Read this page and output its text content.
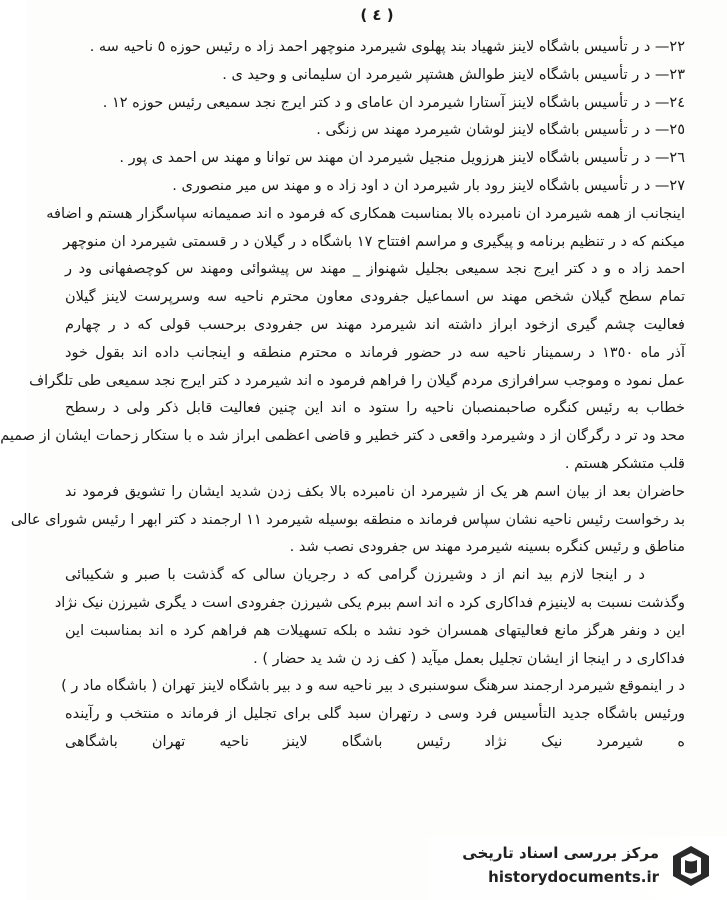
( ٤ )
٢٢— د ر تأسیس باشگاه لاینز شهیاد بند پهلوی شیرمرد منوچهر احمد زاد ه رئیس حوزه ٥ ناحیه سه .
٢٣— د ر تأسیس باشگاه لاینز طوالش هشتپر شیرمرد ان سلیمانی و وحید ی .
٢٤— د ر تأسیس باشگاه لاینز آستارا شیرمرد ان عامای و د کتر ایرج نجد سمیعی رئیس حوزه ١٢ .
٢٥— د ر تأسیس باشگاه لاینز لوشان شیرمرد مهند س زنگی .
٢٦— د ر تأسیس باشگاه لاینز هرزویل منجیل شیرمرد ان مهند س توانا و مهند س احمد ی پور .
٢٧— د ر تأسیس باشگاه لاینز رود بار شیرمرد ان د اود زاد ه و مهند س میر منصوری .
اینجانب از همه شیرمرد ان نامبرده بالا بمناسبت همکاری که فرمود ه اند صمیمانه سپاسگزار هستم و اضافه
میکنم که د ر تنظیم برنامه و پیگیری و مراسم افتتاح ١٧ باشگاه د ر گیلان د ر قسمتی شیرمرد ان منوچهر
احمد زاد ه و د کتر ایرج نجد سمیعی بجلیل شهنواز _ مهند س پیشوائی ومهند س کوچصفهانی ود ر
تمام سطح گیلان شخص مهند س اسماعیل جفرودی معاون محترم ناحیه سه وسرپرست لاینز گیلان
فعالیت چشم گیری ازخود ابراز داشته اند شیرمرد مهند س جفرودی برحسب قولی که د ر چهارم
آذر ماه ١٣٥٠ د رسمینار ناحیه سه در حضور فرماند ه محترم منطقه و اینجانب داده اند بقول خود
عمل نمود ه وموجب سرافرازی مردم گیلان را فراهم فرمود ه اند شیرمرد د کتر ایرج نجد سمیعی طی تلگراف
خطاب به رئیس کنگره صاحبمنصبان ناحیه را ستود ه اند این چنین فعالیت قابل ذکر ولی د رسطح
محد ود تر د رگرگان از د وشیرمرد واقعی د کتر خطیر و قاضی اعظمی ابراز شد ه با ستکار زحمات ایشان از صمیم
قلب متشکر هستم .
حاضران بعد از بیان اسم هر یک از شیرمرد ان نامبرده بالا بکف زدن شدید ایشان را تشویق فرمود ند
بد رخواست رئیس ناحیه نشان سپاس فرماند ه منطقه بوسیله شیرمرد ١١ ارجمند د کتر ابهر ا رئیس شورای عالی
مناطق و رئیس کنگره بسینه شیرمرد مهند س جفرودی نصب شد .
د ر اینجا لازم بید انم از د وشیرزن گرامی که د رجریان سالی که گذشت با صبر و شکیبائی
وگذشت نسبت به لاینیزم فداکاری کرد ه اند اسم ببرم یکی شیرزن جفرودی است د یگری شیرزن نیک نژاد
این د ونفر هرگز مانع فعالیتهای همسران خود نشد ه بلکه تسهیلات هم فراهم کرد ه اند بمناسبت این
فداکاری د ر اینجا از ایشان تجلیل بعمل میآید ( کف زد ن شد ید حضار ) .
د ر اینموقع شیرمرد ارجمند سرهنگ سوسنبری د بیر ناحیه سه و د بیر باشگاه لاینز تهران ( باشگاه ماد ر )
ورئیس باشگاه جدید التأسیس فرد وسی د رتهران سبد گلی برای تجلیل از فرماند ه منتخب و رآینده
ه شیرمرد نیک نژاد رئیس باشگاه لاینز ناحیه تهران باشگاهی
مرکز بررسی اسناد تاریخی
historydocuments.ir
